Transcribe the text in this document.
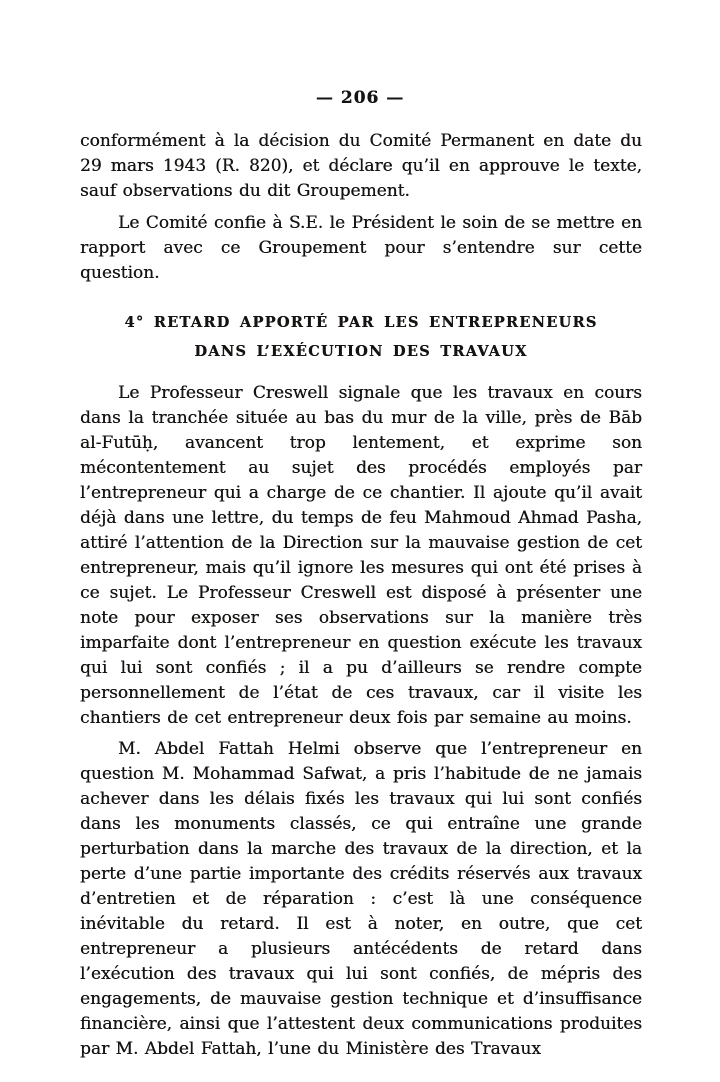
— 206 —

conformément à la décision du Comité Permanent en date du 29 mars 1943 (R. 820), et déclare qu’il en approuve le texte, sauf observations du dit Groupement.

Le Comité confie à S.E. le Président le soin de se mettre en rapport avec ce Groupement pour s’entendre sur cette question.

4° RETARD APPORTÉ PAR LES ENTREPRENEURS
DANS L’EXÉCUTION DES TRAVAUX

Le Professeur Creswell signale que les travaux en cours dans la tranchée située au bas du mur de la ville, près de Bāb al-Futūḥ, avancent trop lentement, et exprime son mécontentement au sujet des procédés employés par l’entrepreneur qui a charge de ce chantier. Il ajoute qu’il avait déjà dans une lettre, du temps de feu Mahmoud Ahmad Pasha, attiré l’attention de la Direction sur la mauvaise gestion de cet entrepreneur, mais qu’il ignore les mesures qui ont été prises à ce sujet. Le Professeur Creswell est disposé à présenter une note pour exposer ses observations sur la manière très imparfaite dont l’entrepreneur en question exécute les travaux qui lui sont confiés ; il a pu d’ailleurs se rendre compte personnellement de l’état de ces travaux, car il visite les chantiers de cet entrepreneur deux fois par semaine au moins.

M. Abdel Fattah Helmi observe que l’entrepreneur en question M. Mohammad Safwat, a pris l’habitude de ne jamais achever dans les délais fixés les travaux qui lui sont confiés dans les monuments classés, ce qui entraîne une grande perturbation dans la marche des travaux de la direction, et la perte d’une partie importante des crédits réservés aux travaux d’entretien et de réparation : c’est là une conséquence inévitable du retard. Il est à noter, en outre, que cet entrepreneur a plusieurs antécédents de retard dans l’exécution des travaux qui lui sont confiés, de mépris des engagements, de mauvaise gestion technique et d’insuffisance financière, ainsi que l’attestent deux communications produites par M. Abdel Fattah, l’une du Ministère des Travaux
